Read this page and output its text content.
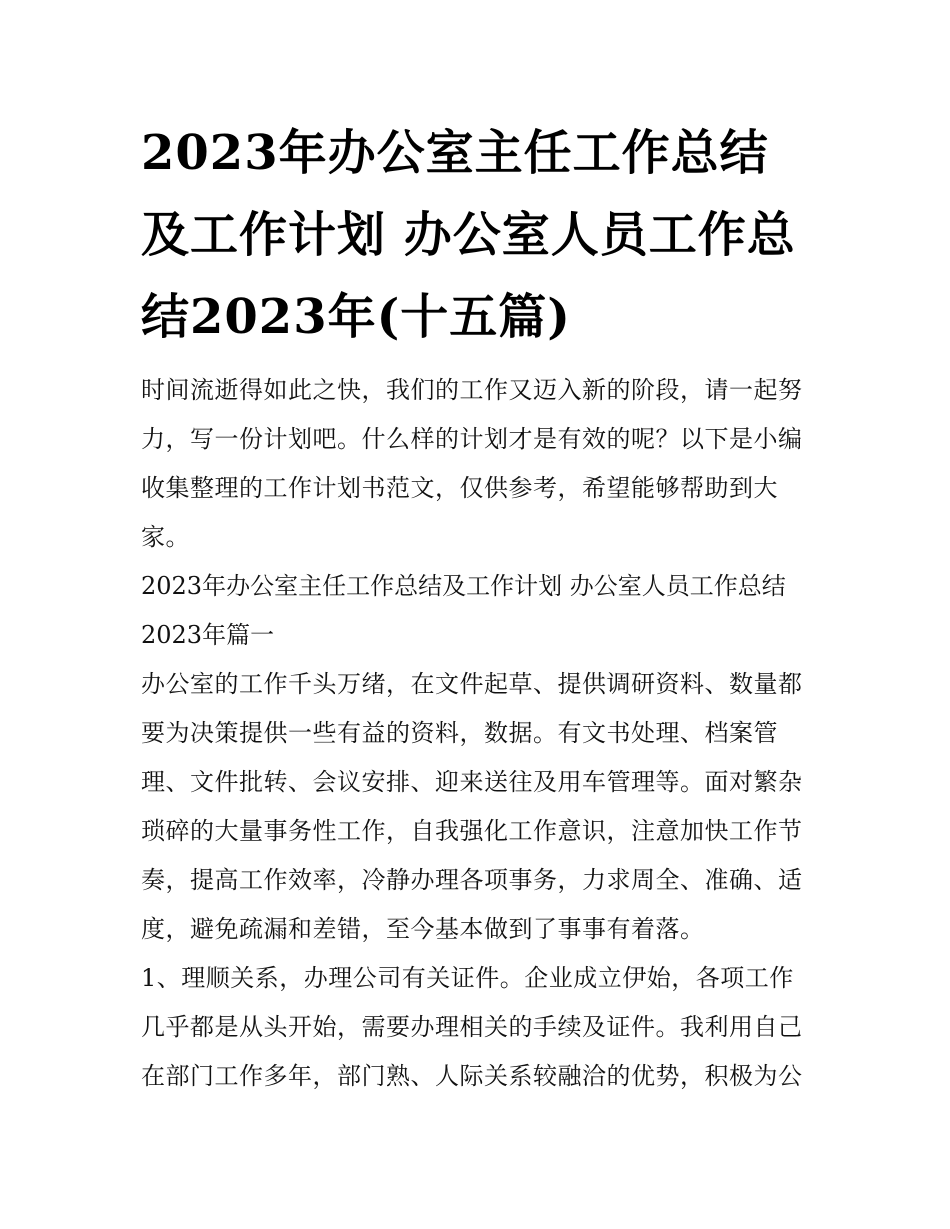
2023年办公室主任工作总结及工作计划 办公室人员工作总结2023年(十五篇)

时间流逝得如此之快，我们的工作又迈入新的阶段，请一起努力，写一份计划吧。什么样的计划才是有效的呢？以下是小编收集整理的工作计划书范文，仅供参考，希望能够帮助到大家。

2023年办公室主任工作总结及工作计划 办公室人员工作总结2023年篇一

办公室的工作千头万绪，在文件起草、提供调研资料、数量都要为决策提供一些有益的资料，数据。有文书处理、档案管理、文件批转、会议安排、迎来送往及用车管理等。面对繁杂琐碎的大量事务性工作，自我强化工作意识，注意加快工作节奏，提高工作效率，冷静办理各项事务，力求周全、准确、适度，避免疏漏和差错，至今基本做到了事事有着落。

1、理顺关系，办理公司有关证件。企业成立伊始，各项工作几乎都是从头开始，需要办理相关的手续及证件。我利用自己在部门工作多年，部门熟、人际关系较融洽的优势，积极为公
